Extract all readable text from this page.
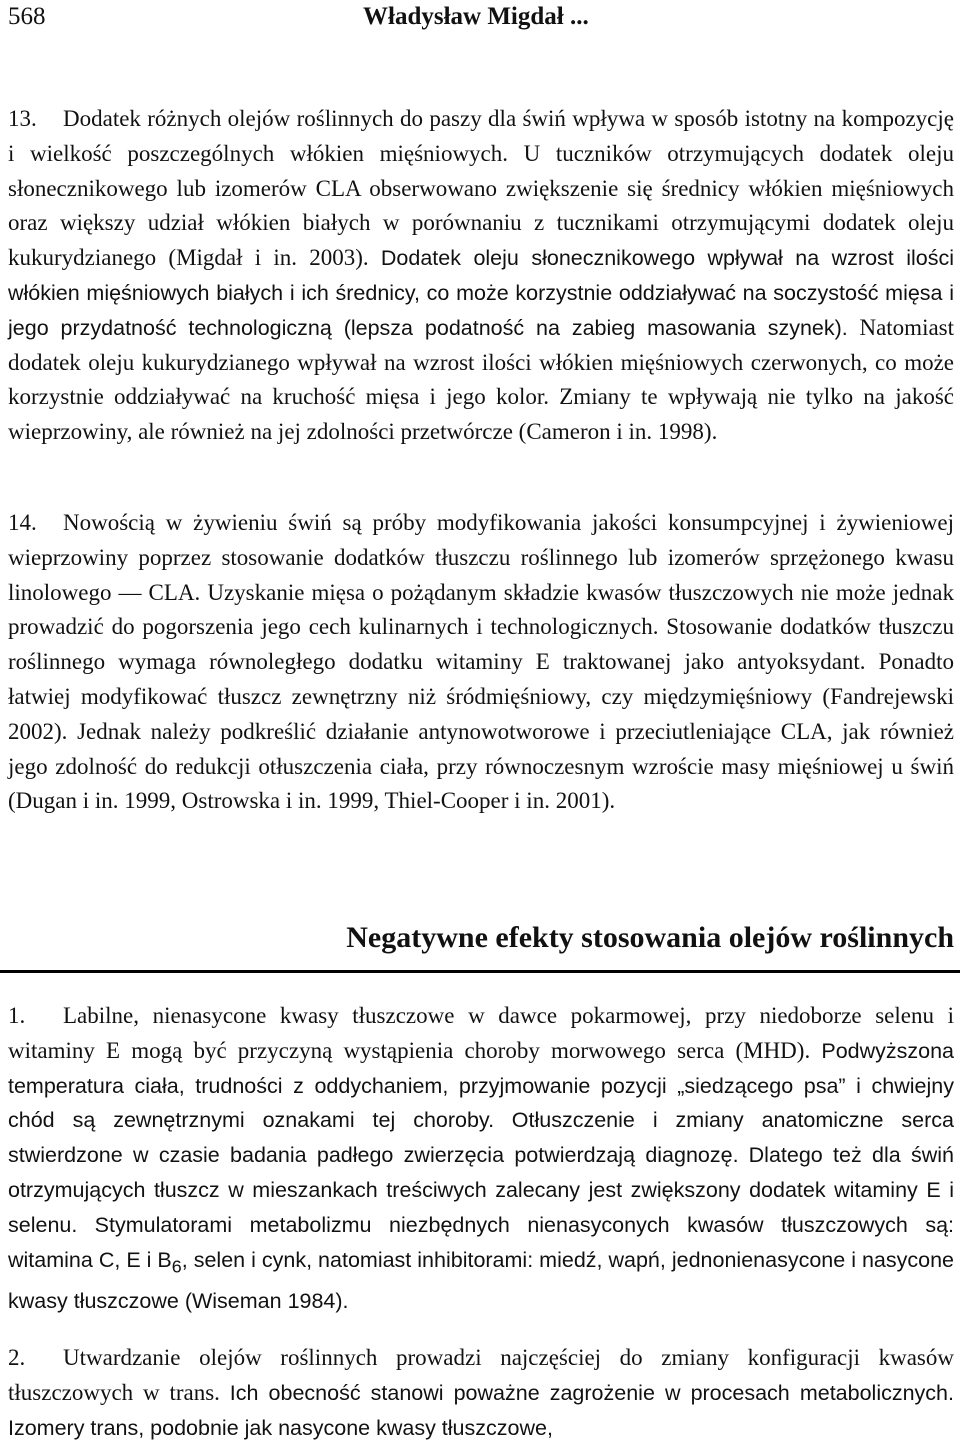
568	Władysław Migdał ...

13. Dodatek różnych olejów roślinnych do paszy dla świń wpływa w sposób istotny na kompozycję i wielkość poszczególnych włókien mięśniowych. U tuczników otrzymujących dodatek oleju słonecznikowego lub izomerów CLA obserwowano zwiększenie się średnicy włókien mięśniowych oraz większy udział włókien białych w porównaniu z tucznikami otrzymującymi dodatek oleju kukurydzianego (Migdał i in. 2003). Dodatek oleju słonecznikowego wpływał na wzrost ilości włókien mięśniowych białych i ich średnicy, co może korzystnie oddziaływać na soczystość mięsa i jego przydatność technologiczną (lepsza podatność na zabieg masowania szynek). Natomiast dodatek oleju kukurydzianego wpływał na wzrost ilości włókien mięśniowych czerwonych, co może korzystnie oddziaływać na kruchość mięsa i jego kolor. Zmiany te wpływają nie tylko na jakość wieprzowiny, ale również na jej zdolności przetwórcze (Cameron i in. 1998).

14. Nowością w żywieniu świń są próby modyfikowania jakości konsumpcyjnej i żywieniowej wieprzowiny poprzez stosowanie dodatków tłuszczu roślinnego lub izomerów sprzężonego kwasu linolowego — CLA. Uzyskanie mięsa o pożądanym składzie kwasów tłuszczowych nie może jednak prowadzić do pogorszenia jego cech kulinarnych i technologicznych. Stosowanie dodatków tłuszczu roślinnego wymaga równoległego dodatku witaminy E traktowanej jako antyoksydant. Ponadto łatwiej modyfikować tłuszcz zewnętrzny niż śródmięśniowy, czy międzymięśniowy (Fandrejewski 2002). Jednak należy podkreślić działanie antynowotworowe i przeciutleniające CLA, jak również jego zdolność do redukcji otłuszczenia ciała, przy równoczesnym wzroście masy mięśniowej u świń (Dugan i in. 1999, Ostrowska i in. 1999, Thiel-Cooper i in. 2001).

Negatywne efekty stosowania olejów roślinnych

1. Labilne, nienasycone kwasy tłuszczowe w dawce pokarmowej, przy niedoborze selenu i witaminy E mogą być przyczyną wystąpienia choroby morwowego serca (MHD). Podwyższona temperatura ciała, trudności z oddychaniem, przyjmowanie pozycji „siedzącego psa” i chwiejny chód są zewnętrznymi oznakami tej choroby. Otłuszczenie i zmiany anatomiczne serca stwierdzone w czasie badania padłego zwierzęcia potwierdzają diagnozę. Dlatego też dla świń otrzymujących tłuszcz w mieszankach treściwych zalecany jest zwiększony dodatek witaminy E i selenu. Stymulatorami metabolizmu niezbędnych nienasyconych kwasów tłuszczowych są: witamina C, E i $B_6$, selen i cynk, natomiast inhibitorami: miedź, wapń, jednonienasycone i nasycone kwasy tłuszczowe (Wiseman 1984).

2. Utwardzanie olejów roślinnych prowadzi najczęściej do zmiany konfiguracji kwasów tłuszczowych w trans. Ich obecność stanowi poważne zagrożenie w procesach metabolicznych. Izomery trans, podobnie jak nasycone kwasy tłuszczowe,
